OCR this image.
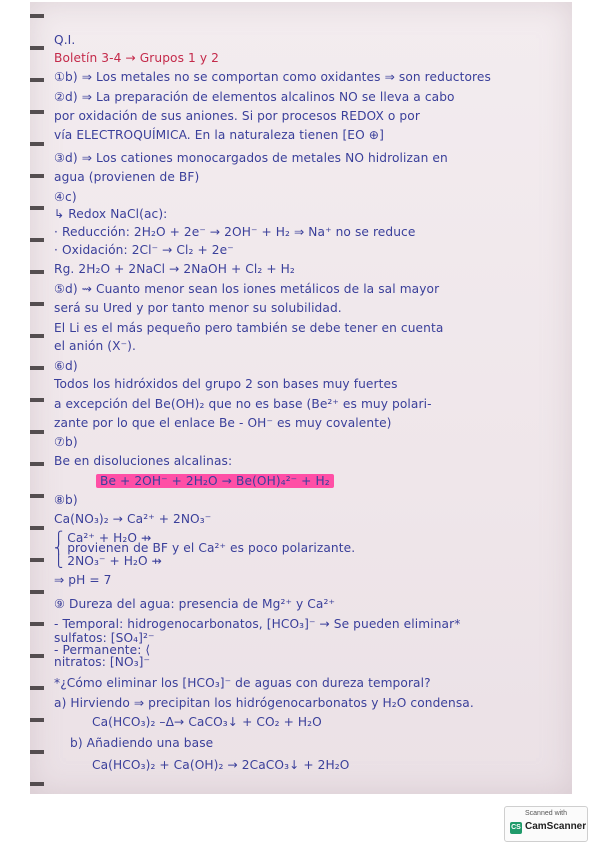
Q.I.
Boletín 3-4 → Grupos 1 y 2
①b) ⇒ Los metales no se comportan como oxidantes ⇒ son reductores
②d) ⇒ La preparación de elementos alcalinos NO se lleva a cabo
por oxidación de sus aniones. Si por procesos REDOX o por
vía ELECTROQUÍMICA. En la naturaleza tienen [EO ⊕]
③d) ⇒ Los cationes monocargados de metales NO hidrolizan en
agua (provienen de BF)
④c)
↳ Redox NaCl(ac):
· Reducción: 2H₂O + 2e⁻ → 2OH⁻ + H₂ ⇒ Na⁺ no se reduce
· Oxidación: 2Cl⁻ → Cl₂ + 2e⁻
Rg. 2H₂O + 2NaCl → 2NaOH + Cl₂ + H₂
⑤d) ⇝ Cuanto menor sean los iones metálicos de la sal mayor
será su Ured y por tanto menor su solubilidad.
El Li es el más pequeño pero también se debe tener en cuenta
el anión (X⁻).
⑥d)
Todos los hidróxidos del grupo 2 son bases muy fuertes
a excepción del Be(OH)₂ que no es base (Be²⁺ es muy polari-
zante por lo que el enlace Be - OH⁻ es muy covalente)
⑦b)
Be en disoluciones alcalinas:
Be + 2OH⁻ + 2H₂O → Be(OH)₄²⁻ + H₂
⑧b)
Ca(NO₃)₂ → Ca²⁺ + 2NO₃⁻
⎧ Ca²⁺ + H₂O ⇸
⎨ provienen de BF y el Ca²⁺ es poco polarizante.
⎩ 2NO₃⁻ + H₂O ⇸
⇒ pH = 7
⑨ Dureza del agua: presencia de Mg²⁺ y Ca²⁺
- Temporal: hidrogenocarbonatos, [HCO₃]⁻ → Se pueden eliminar*
sulfatos: [SO₄]²⁻
- Permanente: ⟨
nitratos: [NO₃]⁻
*¿Cómo eliminar los [HCO₃]⁻ de aguas con dureza temporal?
a) Hirviendo ⇒ precipitan los hidrógenocarbonatos y H₂O condensa.
Ca(HCO₃)₂ –Δ→ CaCO₃↓ + CO₂ + H₂O
b) Añadiendo una base
Ca(HCO₃)₂ + Ca(OH)₂ → 2CaCO₃↓ + 2H₂O
Scanned with
CS CamScanner
